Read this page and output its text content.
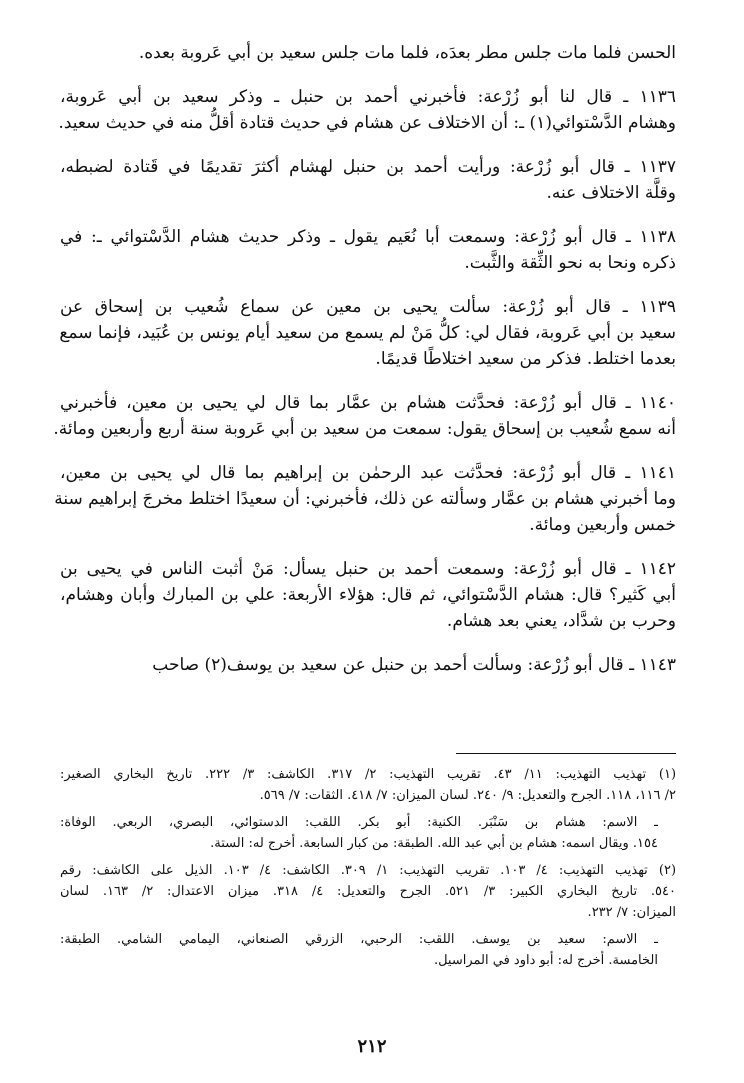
الحسن فلما مات جلس مطر بعدَه، فلما مات جلس سعيد بن أبي عَروبة بعده.
١١٣٦ ـ قال لنا أبو زُرْعة: فأخبرني أحمد بن حنبل ـ وذكر سعيد بن أبي عَروبة،
وهشام الدَّسْتوائي(١) ـ: أن الاختلاف عن هشام في حديث قتادة أقلُّ منه في حديث سعيد.
١١٣٧ ـ قال أبو زُرْعة: ورأيت أحمد بن حنبل لهشام أكثرَ تقديمًا في قَتادة لضبطه،
وقلَّة الاختلاف عنه.
١١٣٨ ـ قال أبو زُرْعة: وسمعت أبا نُعَيم يقول ـ وذكر حديث هشام الدَّسْتوائي ـ: في
ذكره ونحا به نحو الثِّقة والثَّبت.
١١٣٩ ـ قال أبو زُرْعة: سألت يحيى بن معين عن سماع شُعيب بن إسحاق عن
سعيد بن أبي عَروبة، فقال لي: كلُّ مَنْ لم يسمع من سعيد أيام يونس بن عُبَيد، فإنما سمع
بعدما اختلط. فذكر من سعيد اختلاطًا قديمًا.
١١٤٠ ـ قال أبو زُرْعة: فحدَّثت هشام بن عمَّار بما قال لي يحيى بن معين، فأخبرني
أنه سمع شُعيب بن إسحاق يقول: سمعت من سعيد بن أبي عَروبة سنة أربع وأربعين ومائة.
١١٤١ ـ قال أبو زُرْعة: فحدَّثت عبد الرحمٰن بن إبراهيم بما قال لي يحيى بن معين،
وما أخبرني هشام بن عمَّار وسألته عن ذلك، فأخبرني: أن سعيدًا اختلط مخرجَ إبراهيم سنة
خمس وأربعين ومائة.
١١٤٢ ـ قال أبو زُرْعة: وسمعت أحمد بن حنبل يسأل: مَنْ أثبت الناس في يحيى بن
أبي كَثير؟ قال: هشام الدَّسْتوائي، ثم قال: هؤلاء الأربعة: علي بن المبارك وأبان وهشام،
وحرب بن شدَّاد، يعني بعد هشام.
١١٤٣ ـ قال أبو زُرْعة: وسألت أحمد بن حنبل عن سعيد بن يوسف(٢) صاحب
(١) تهذيب التهذيب: ١١/ ٤٣. تقريب التهذيب: ٢/ ٣١٧. الكاشف: ٣/ ٢٢٢. تاريخ البخاري الصغير:
٢/ ١١٦، ١١٨. الجرح والتعديل: ٩/ ٢٤٠. لسان الميزان: ٧/ ٤١٨. الثقات: ٧/ ٥٦٩.
ـ الاسم: هشام بن سَنْبَر. الكنية: أبو بكر. اللقب: الدستوائي، البصري، الربعي. الوفاة:
١٥٤. ويقال اسمه: هشام بن أبي عبد الله. الطبقة: من كبار السابعة. أخرج له: الستة.
(٢) تهذيب التهذيب: ٤/ ١٠٣. تقريب التهذيب: ١/ ٣٠٩. الكاشف: ٤/ ١٠٣. الذيل على الكاشف: رقم
٥٤٠. تاريخ البخاري الكبير: ٣/ ٥٢١. الجرح والتعديل: ٤/ ٣١٨. ميزان الاعتدال: ٢/ ١٦٣. لسان
الميزان: ٧/ ٢٣٢.
ـ الاسم: سعيد بن يوسف. اللقب: الرحبي، الزرقي الصنعاني، اليمامي الشامي. الطبقة:
الخامسة. أخرج له: أبو داود في المراسيل.
٢١٢
